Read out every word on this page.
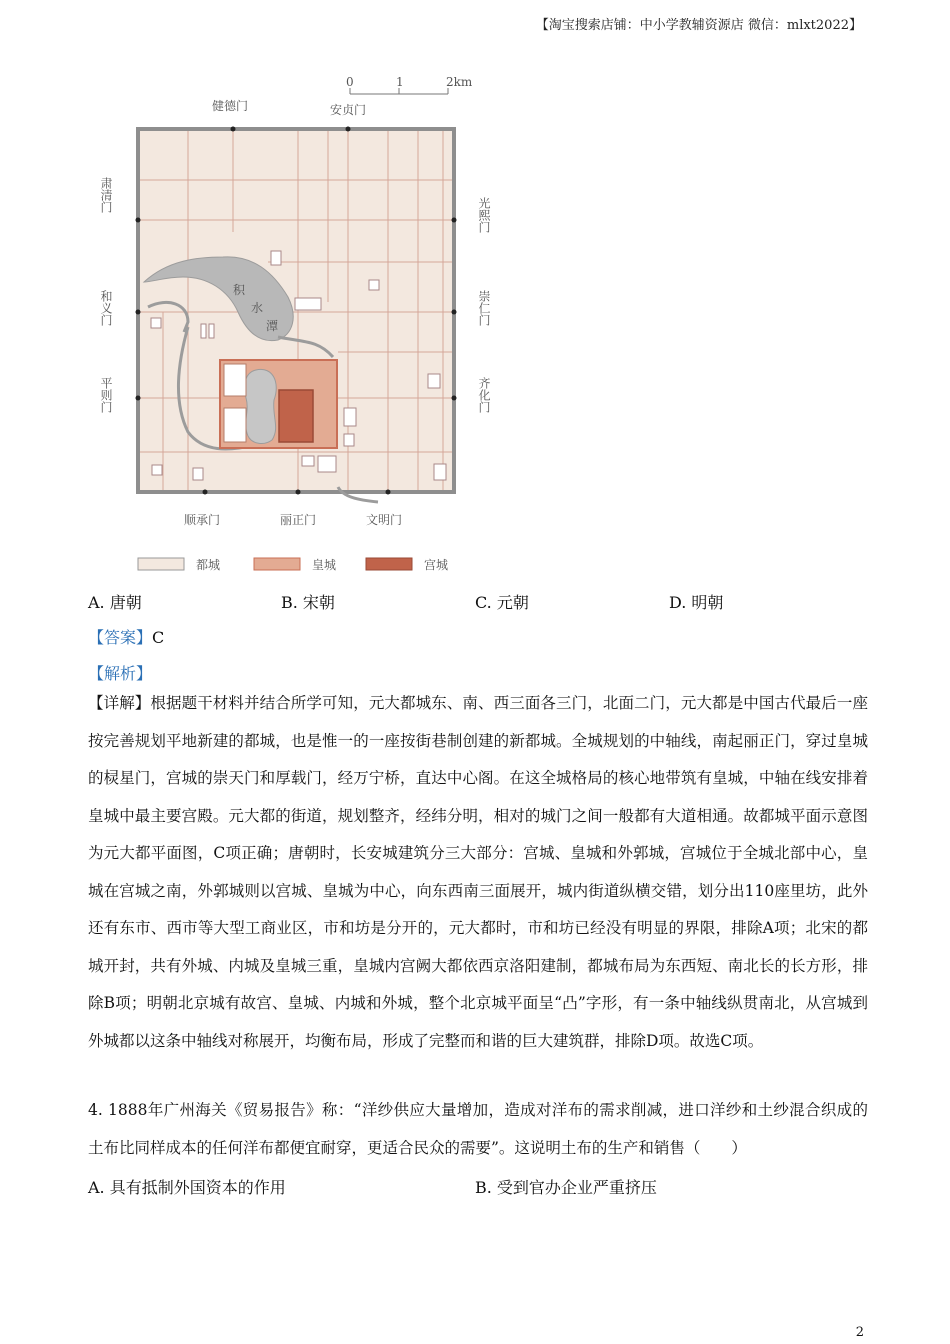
【淘宝搜索店铺：中小学教辅资源店 微信：mlxt2022】
0	1	2km
健德门	安贞门
肃清门
和义门
平则门
光熙门
崇仁门
齐化门
顺承门	丽正门	文明门
积
水
潭
都城	皇城	宫城
A. 唐朝	B. 宋朝	C. 元朝	D. 明朝
【答案】C
【解析】
【详解】根据题干材料并结合所学可知，元大都城东、南、西三面各三门，北面二门，元大都是中国古代最后一座按完善规划平地新建的都城，也是惟一的一座按街巷制创建的新都城。全城规划的中轴线，南起丽正门，穿过皇城的棂星门，宫城的崇天门和厚载门，经万宁桥，直达中心阁。在这全城格局的核心地带筑有皇城，中轴在线安排着皇城中最主要宫殿。元大都的街道，规划整齐，经纬分明，相对的城门之间一般都有大道相通。故都城平面示意图为元大都平面图，C项正确；唐朝时，长安城建筑分三大部分：宫城、皇城和外郭城，宫城位于全城北部中心，皇城在宫城之南，外郭城则以宫城、皇城为中心，向东西南三面展开，城内街道纵横交错，划分出110座里坊，此外还有东市、西市等大型工商业区，市和坊是分开的，元大都时，市和坊已经没有明显的界限，排除A项；北宋的都城开封，共有外城、内城及皇城三重，皇城内宫阙大都依西京洛阳建制，都城布局为东西短、南北长的长方形，排除B项；明朝北京城有故宫、皇城、内城和外城，整个北京城平面呈“凸”字形，有一条中轴线纵贯南北，从宫城到外城都以这条中轴线对称展开，均衡布局，形成了完整而和谐的巨大建筑群，排除D项。故选C项。
4. 1888年广州海关《贸易报告》称：“洋纱供应大量增加，造成对洋布的需求削减，进口洋纱和土纱混合织成的土布比同样成本的任何洋布都便宜耐穿，更适合民众的需要”。这说明土布的生产和销售（　　）
A. 具有抵制外国资本的作用	B. 受到官办企业严重挤压
2
